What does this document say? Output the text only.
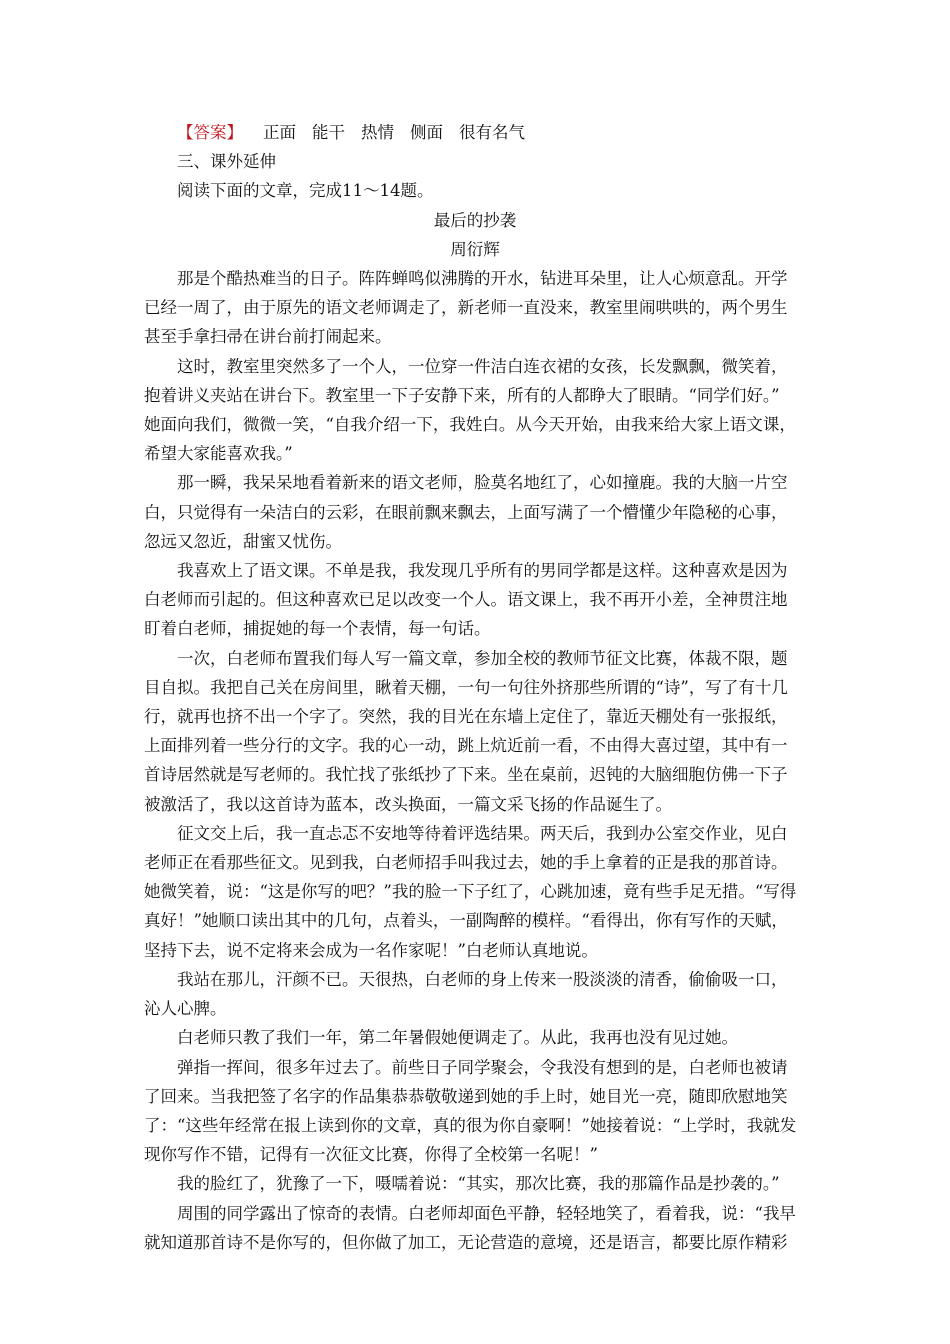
【答案】 正面 能干 热情 侧面 很有名气
三、课外延伸
阅读下面的文章，完成11～14题。
最后的抄袭
周衍辉

那是个酷热难当的日子。阵阵蝉鸣似沸腾的开水，钻进耳朵里，让人心烦意乱。开学

已经一周了，由于原先的语文老师调走了，新老师一直没来，教室里闹哄哄的，两个男生

甚至手拿扫帚在讲台前打闹起来。

这时，教室里突然多了一个人，一位穿一件洁白连衣裙的女孩，长发飘飘，微笑着，

抱着讲义夹站在讲台下。教室里一下子安静下来，所有的人都睁大了眼睛。“同学们好。”

她面向我们，微微一笑，“自我介绍一下，我姓白。从今天开始，由我来给大家上语文课，

希望大家能喜欢我。”

那一瞬，我呆呆地看着新来的语文老师，脸莫名地红了，心如撞鹿。我的大脑一片空

白，只觉得有一朵洁白的云彩，在眼前飘来飘去，上面写满了一个懵懂少年隐秘的心事，

忽远又忽近，甜蜜又忧伤。

我喜欢上了语文课。不单是我，我发现几乎所有的男同学都是这样。这种喜欢是因为

白老师而引起的。但这种喜欢已足以改变一个人。语文课上，我不再开小差，全神贯注地

盯着白老师，捕捉她的每一个表情，每一句话。

一次，白老师布置我们每人写一篇文章，参加全校的教师节征文比赛，体裁不限，题

目自拟。我把自己关在房间里，瞅着天棚，一句一句往外挤那些所谓的“诗”，写了有十几

行，就再也挤不出一个字了。突然，我的目光在东墙上定住了，靠近天棚处有一张报纸，

上面排列着一些分行的文字。我的心一动，跳上炕近前一看，不由得大喜过望，其中有一

首诗居然就是写老师的。我忙找了张纸抄了下来。坐在桌前，迟钝的大脑细胞仿佛一下子

被激活了，我以这首诗为蓝本，改头换面，一篇文采飞扬的作品诞生了。

征文交上后，我一直忐忑不安地等待着评选结果。两天后，我到办公室交作业，见白

老师正在看那些征文。见到我，白老师招手叫我过去，她的手上拿着的正是我的那首诗。

她微笑着，说：“这是你写的吧？”我的脸一下子红了，心跳加速，竟有些手足无措。“写得

真好！”她顺口读出其中的几句，点着头，一副陶醉的模样。“看得出，你有写作的天赋，

坚持下去，说不定将来会成为一名作家呢！”白老师认真地说。

我站在那儿，汗颜不已。天很热，白老师的身上传来一股淡淡的清香，偷偷吸一口，

沁人心脾。

白老师只教了我们一年，第二年暑假她便调走了。从此，我再也没有见过她。

弹指一挥间，很多年过去了。前些日子同学聚会，令我没有想到的是，白老师也被请

了回来。当我把签了名字的作品集恭恭敬敬递到她的手上时，她目光一亮，随即欣慰地笑

了：“这些年经常在报上读到你的文章，真的很为你自豪啊！”她接着说：“上学时，我就发

现你写作不错，记得有一次征文比赛，你得了全校第一名呢！”

我的脸红了，犹豫了一下，嗫嚅着说：“其实，那次比赛，我的那篇作品是抄袭的。”

周围的同学露出了惊奇的表情。白老师却面色平静，轻轻地笑了，看着我，说：“我早

就知道那首诗不是你写的，但你做了加工，无论营造的意境，还是语言，都要比原作精彩
